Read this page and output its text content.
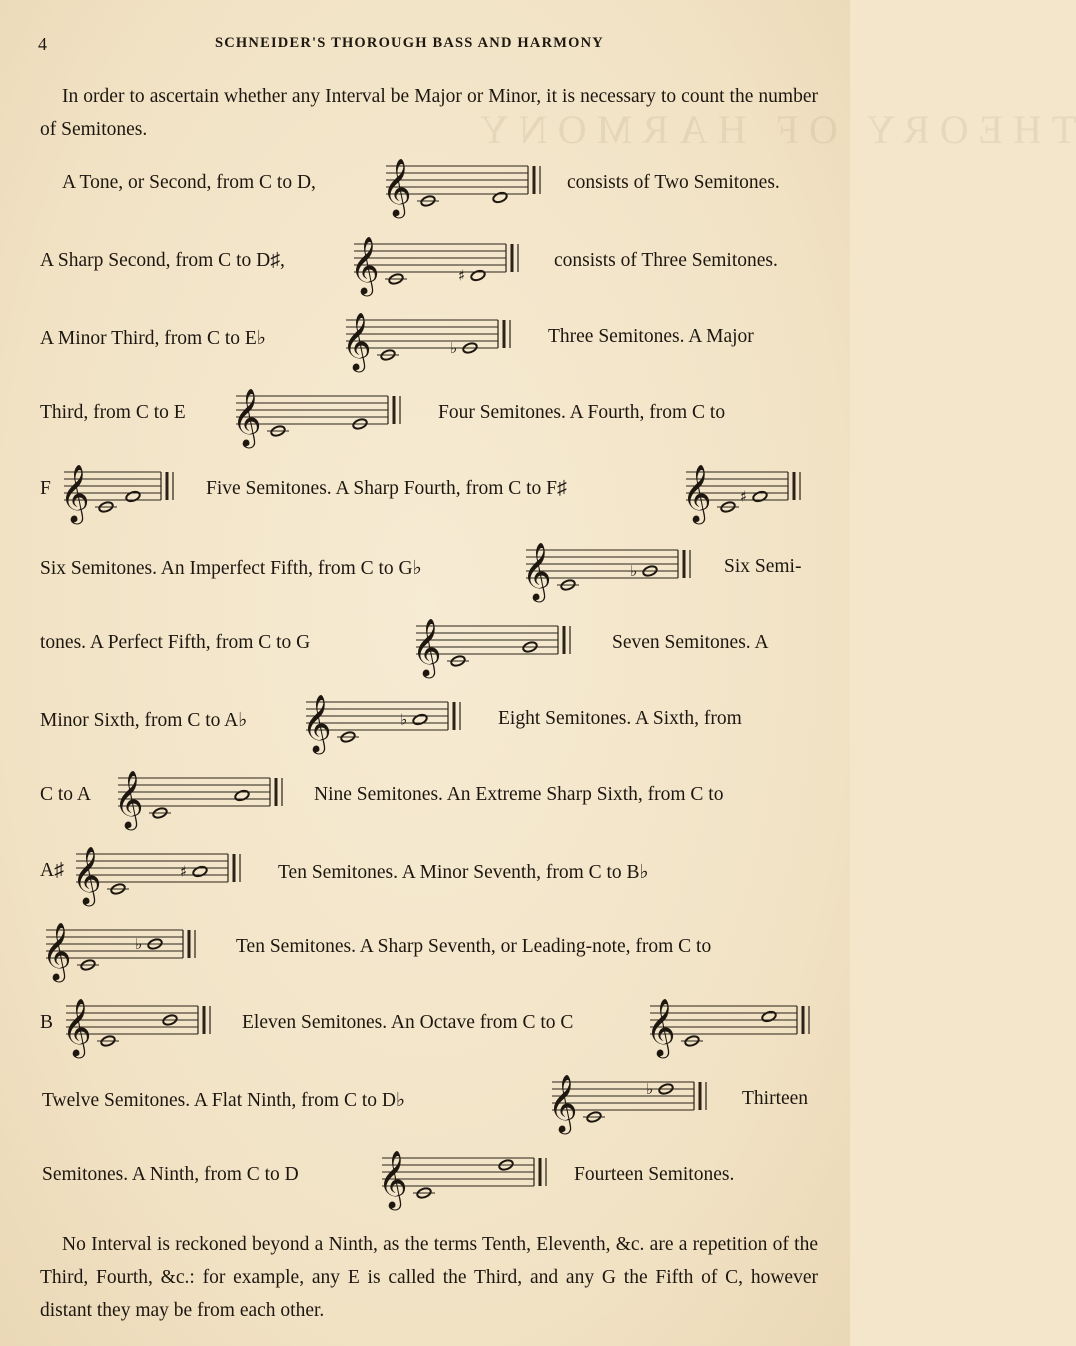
THEORY OF HARMONY
4	SCHNEIDER'S THOROUGH BASS AND HARMONY
In order to ascertain whether any Interval be Major or Minor, it is necessary to count the number of Semitones.
A Tone, or Second, from C to D, 𝄞	consists of Two Semitones.
A Sharp Second, from C to D♯, 𝄞	♯
consists of Three Semitones.
A Minor Third, from C to E♭ 𝄞	♭
Three Semitones. A Major
Third, from C to E 𝄞	Four Semitones. A Fourth, from C to
F 𝄞	Five Semitones. A Sharp Fourth, from C to F♯ 𝄞 ♯
Six Semitones. An Imperfect Fifth, from C to G♭ 𝄞	♭	Six Semi-
tones. A Perfect Fifth, from C to G 𝄞	Seven Semitones. A
Minor Sixth, from C to A♭ 𝄞	♭	Eight Semitones. A Sixth, from
C to A 𝄞	Nine Semitones. An Extreme Sharp Sixth, from C to
A♯ 𝄞	♯	Ten Semitones. A Minor Seventh, from C to B♭
𝄞	♭	Ten Semitones. A Sharp Seventh, or Leading-note, from C to
B 𝄞	Eleven Semitones. An Octave from C to C 𝄞
Twelve Semitones. A Flat Ninth, from C to D♭	𝄞	♭	Thirteen
Semitones. A Ninth, from C to D 𝄞	Fourteen Semitones.
No Interval is reckoned beyond a Ninth, as the terms Tenth, Eleventh, &c. are a repetition of the Third, Fourth, &c.: for example, any E is called the Third, and any G the Fifth of C, however distant they may be from each other.
